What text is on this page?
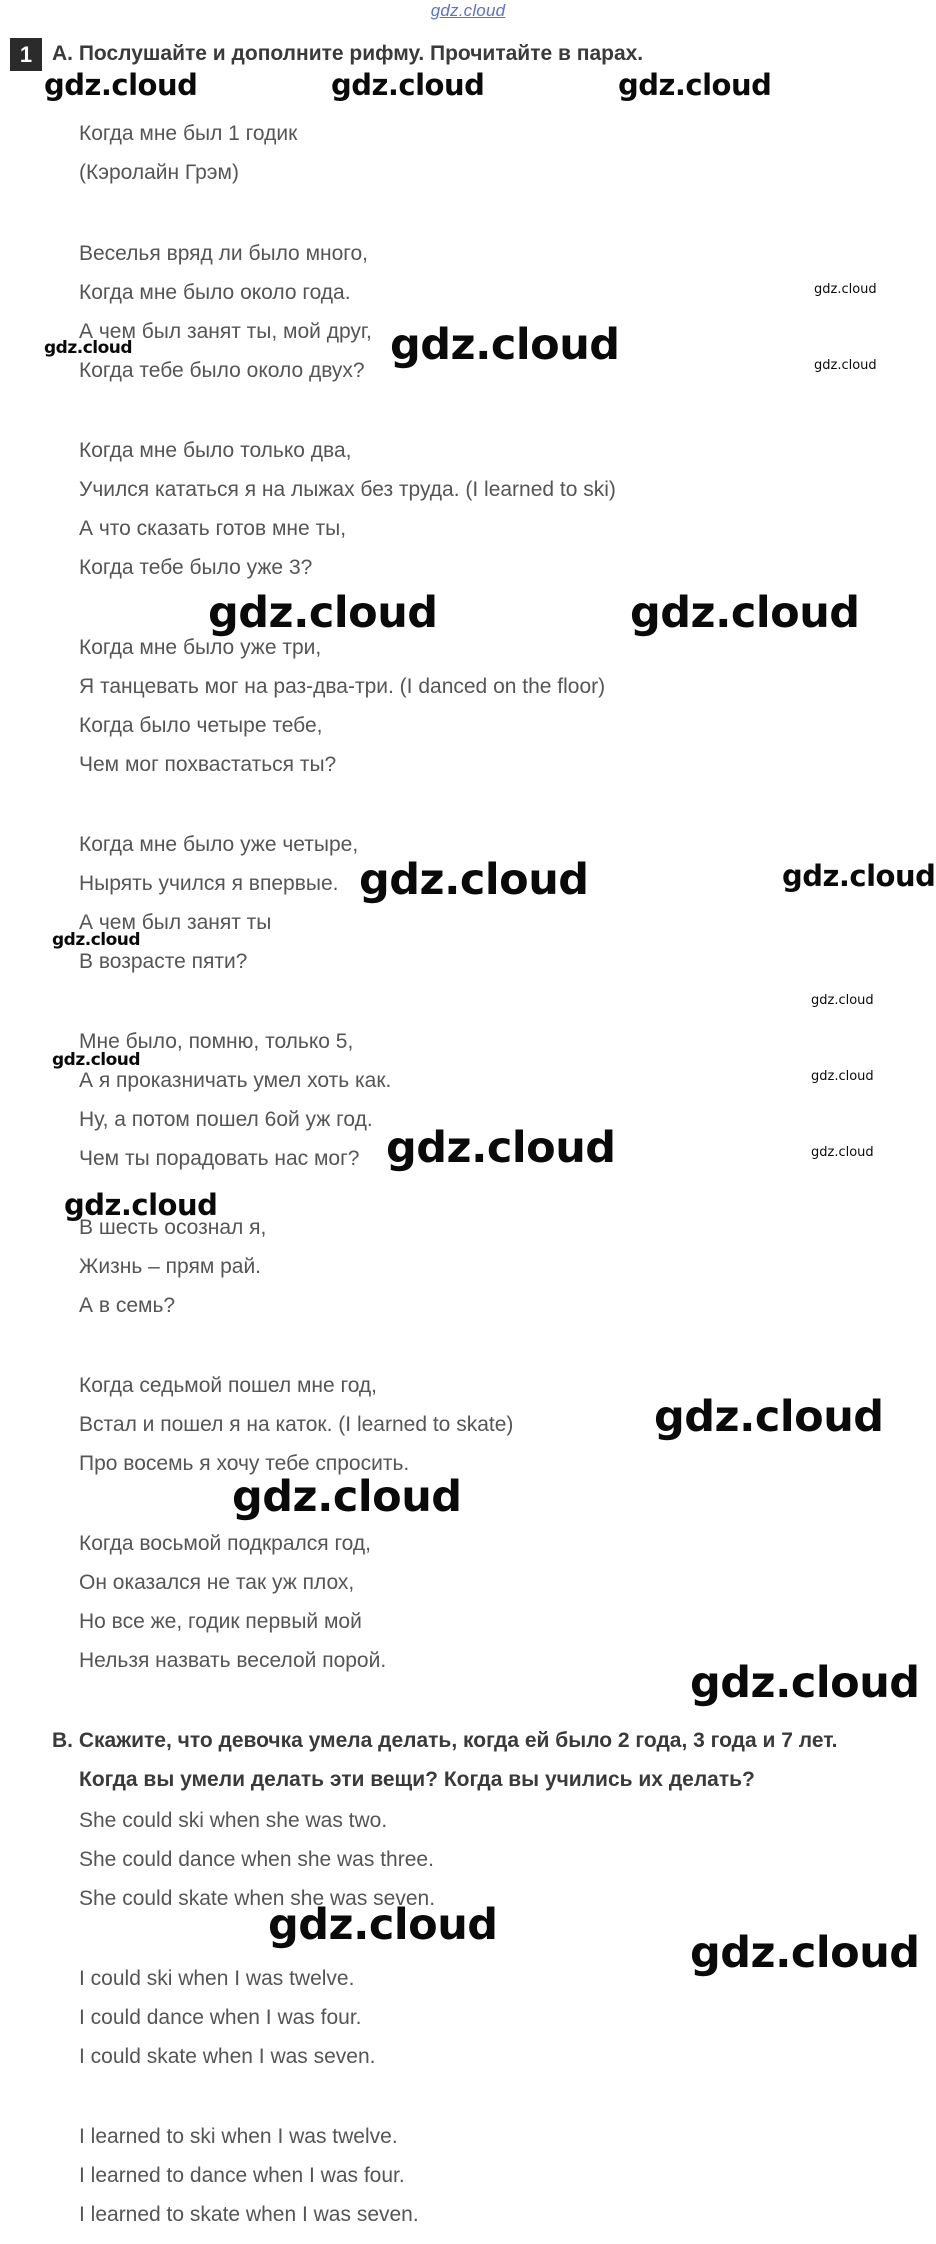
gdz.cloud
1 А. Послушайте и дополните рифму. Прочитайте в парах.
Когда мне был 1 годик
(Кэролайн Грэм)
Веселья вряд ли было много,
Когда мне было около года.
А чем был занят ты, мой друг,
Когда тебе было около двух?
Когда мне было только два,
Учился кататься я на лыжах без труда. (I learned to ski)
А что сказать готов мне ты,
Когда тебе было уже 3?
Когда мне было уже три,
Я танцевать мог на раз-два-три. (I danced on the floor)
Когда было четыре тебе,
Чем мог похвастаться ты?
Когда мне было уже четыре,
Нырять учился я впервые.
А чем был занят ты
В возрасте пяти?
Мне было, помню, только 5,
А я проказничать умел хоть как.
Ну, а потом пошел 6ой уж год.
Чем ты порадовать нас мог?
В шесть осознал я,
Жизнь – прям рай.
А в семь?
Когда седьмой пошел мне год,
Встал и пошел я на каток. (I learned to skate)
Про восемь я хочу тебе спросить.
Когда восьмой подкрался год,
Он оказался не так уж плох,
Но все же, годик первый мой
Нельзя назвать веселой порой.
В. Скажите, что девочка умела делать, когда ей было 2 года, 3 года и 7 лет.
Когда вы умели делать эти вещи? Когда вы учились их делать?
She could ski when she was two.
She could dance when she was three.
She could skate when she was seven.
I could ski when I was twelve.
I could dance when I was four.
I could skate when I was seven.
I learned to ski when I was twelve.
I learned to dance when I was four.
I learned to skate when I was seven.
gdz.cloud	gdz.cloud	gdz.cloud
gdz.cloud
gdz.cloud	gdz.cloud	gdz.cloud
gdz.cloud	gdz.cloud
gdz.cloud	gdz.cloud
gdz.cloud
gdz.cloud
gdz.cloud
gdz.cloud
gdz.cloud	gdz.cloud
gdz.cloud
gdz.cloud
gdz.cloud
gdz.cloud
gdz.cloud
gdz.cloud
